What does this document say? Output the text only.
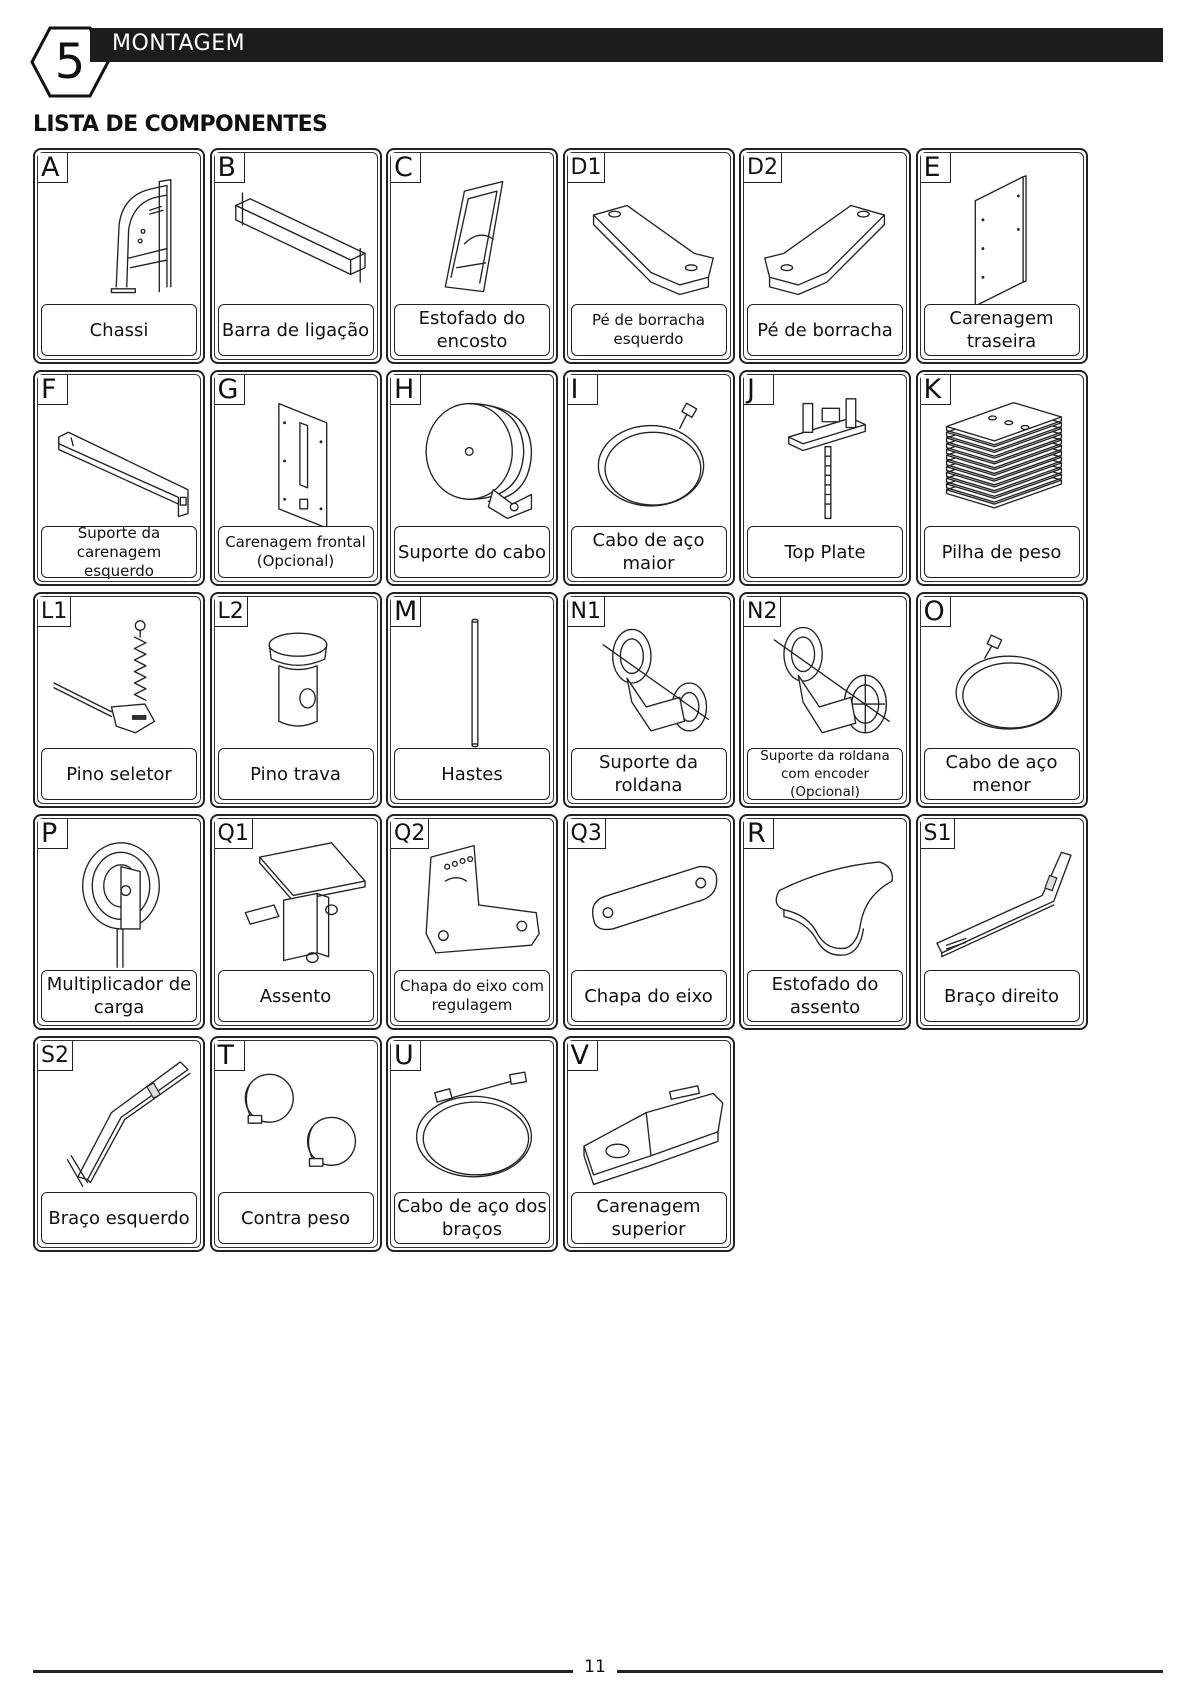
5	MONTAGEM
LISTA DE COMPONENTES
A
Chassi
B
Barra de ligação
C
Estofado do encosto
D1
Pé de borracha esquerdo
D2
Pé de borracha
E
Carenagem traseira
F
Suporte da carenagem esquerdo
G
Carenagem frontal (Opcional)
H
Suporte do cabo
I
Cabo de aço maior
J
Top Plate
K
Pilha de peso
L1
Pino seletor
L2
Pino trava
M
Hastes
N1
Suporte da roldana
N2
Suporte da roldana com encoder (Opcional)
O
Cabo de aço menor
P
Multiplicador de carga
Q1
Assento
Q2
Chapa do eixo com regulagem
Q3
Chapa do eixo
R
Estofado do assento
S1
Braço direito
S2
Braço esquerdo
T
Contra peso
U
Cabo de aço dos braços
V
Carenagem superior
11
